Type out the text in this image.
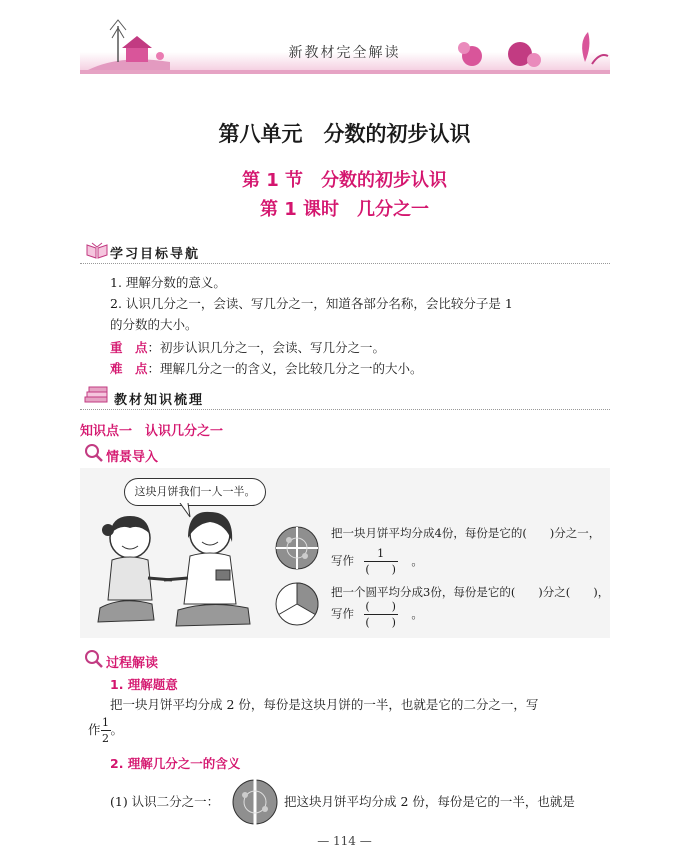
新教材完全解读
第八单元　分数的初步认识
第 1 节　分数的初步认识
第 1 课时　几分之一
学习目标导航
1. 理解分数的意义。
2. 认识几分之一，会读、写几分之一，知道各部分名称，会比较分子是 1
的分数的大小。
重　点：初步认识几分之一，会读、写几分之一。
难　点：理解几分之一的含义，会比较几分之一的大小。
教材知识梳理
知识点一　认识几分之一
情景导入
这块月饼我们一人一半。
把一块月饼平均分成4份，每份是它的(　　)分之一，
写作 $\frac{1}{( )}$ 。
把一个圆平均分成3份，每份是它的(　　)分之(　　)，
写作 $\frac{( )}{( )}$ 。
过程解读
1. 理解题意
把一块月饼平均分成 2 份，每份是这块月饼的一半，也就是它的二分之一，写
作 $\frac{1}{2}$ 。
2. 理解几分之一的含义
(1) 认识二分之一：	把这块月饼平均分成 2 份，每份是它的一半，也就是
— 114 —
